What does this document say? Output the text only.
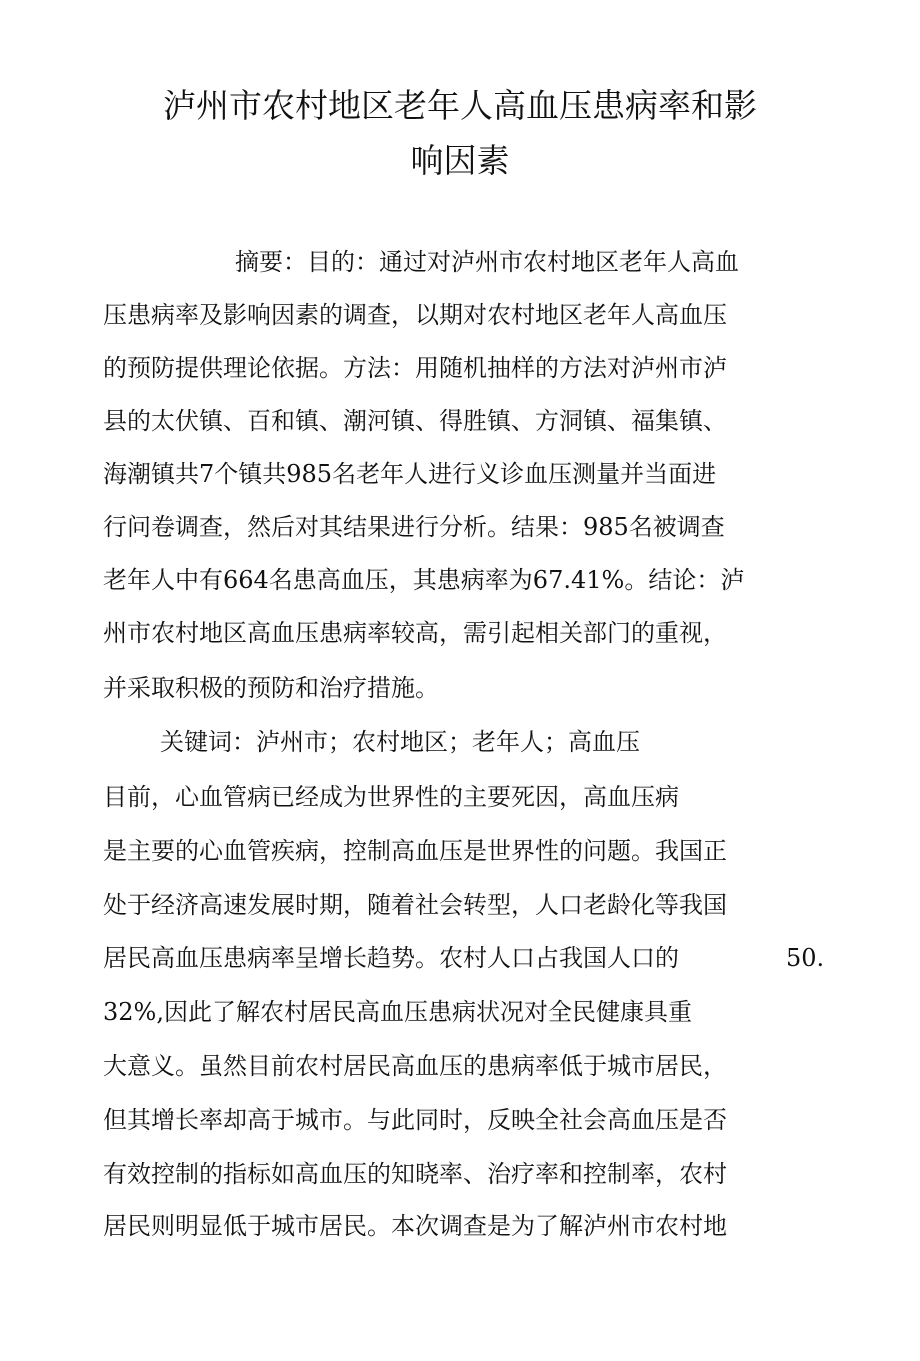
泸州市农村地区老年人高血压患病率和影
响因素
摘要：目的：通过对泸州市农村地区老年人高血
压患病率及影响因素的调查，以期对农村地区老年人高血压
的预防提供理论依据。方法：用随机抽样的方法对泸州市泸
县的太伏镇、百和镇、潮河镇、得胜镇、方洞镇、福集镇、
海潮镇共7个镇共985名老年人进行义诊血压测量并当面进
行问卷调查，然后对其结果进行分析。结果：985名被调查
老年人中有664名患高血压，其患病率为67.41%。结论：泸
州市农村地区高血压患病率较高，需引起相关部门的重视，
并采取积极的预防和治疗措施。
关键词：泸州市；农村地区；老年人；高血压
目前，心血管病已经成为世界性的主要死因，高血压病
是主要的心血管疾病，控制高血压是世界性的问题。我国正
处于经济高速发展时期，随着社会转型，人口老龄化等我国
居民高血压患病率呈增长趋势。农村人口占我国人口的	50.
32%,因此了解农村居民高血压患病状况对全民健康具重
大意义。虽然目前农村居民高血压的患病率低于城市居民，
但其增长率却高于城市。与此同时，反映全社会高血压是否
有效控制的指标如高血压的知晓率、治疗率和控制率，农村
居民则明显低于城市居民。本次调查是为了解泸州市农村地
